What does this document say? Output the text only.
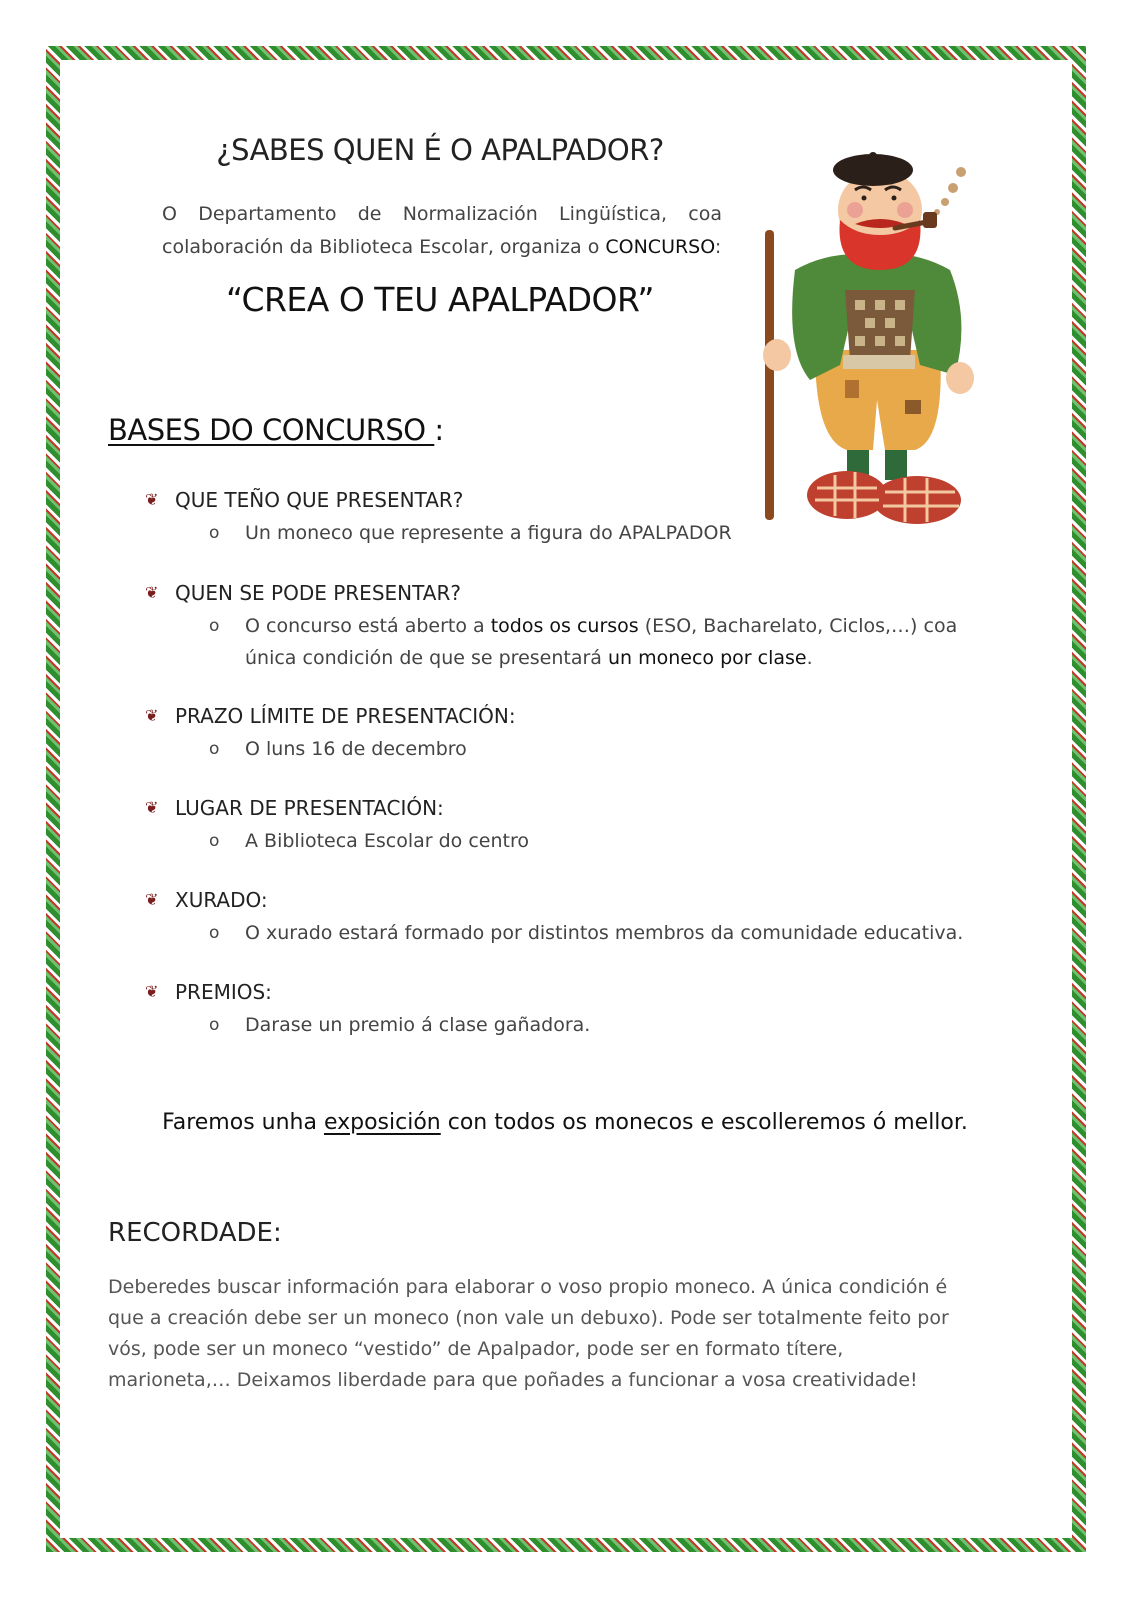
¿SABES QUEN É O APALPADOR?
O Departamento de Normalización Lingüística, coa colaboración da Biblioteca Escolar, organiza o CONCURSO:
“CREA O TEU APALPADOR”
BASES DO CONCURSO :
❦ QUE TEÑO QUE PRESENTAR?
o Un moneco que represente a figura do APALPADOR
❦ QUEN SE PODE PRESENTAR?
o O concurso está aberto a todos os cursos (ESO, Bacharelato, Ciclos,…) coa única condición de que se presentará un moneco por clase.
❦ PRAZO LÍMITE DE PRESENTACIÓN:
o O luns 16 de decembro
❦ LUGAR DE PRESENTACIÓN:
o A Biblioteca Escolar do centro
❦ XURADO:
o O xurado estará formado por distintos membros da comunidade educativa.
❦ PREMIOS:
o Darase un premio á clase gañadora.
Faremos unha exposición con todos os monecos e escolleremos ó mellor.
RECORDADE:
Deberedes buscar información para elaborar o voso propio moneco. A única condición é que a creación debe ser un moneco (non vale un debuxo). Pode ser totalmente feito por vós, pode ser un moneco “vestido” de Apalpador, pode ser en formato títere, marioneta,… Deixamos liberdade para que poñades a funcionar a vosa creatividade!
